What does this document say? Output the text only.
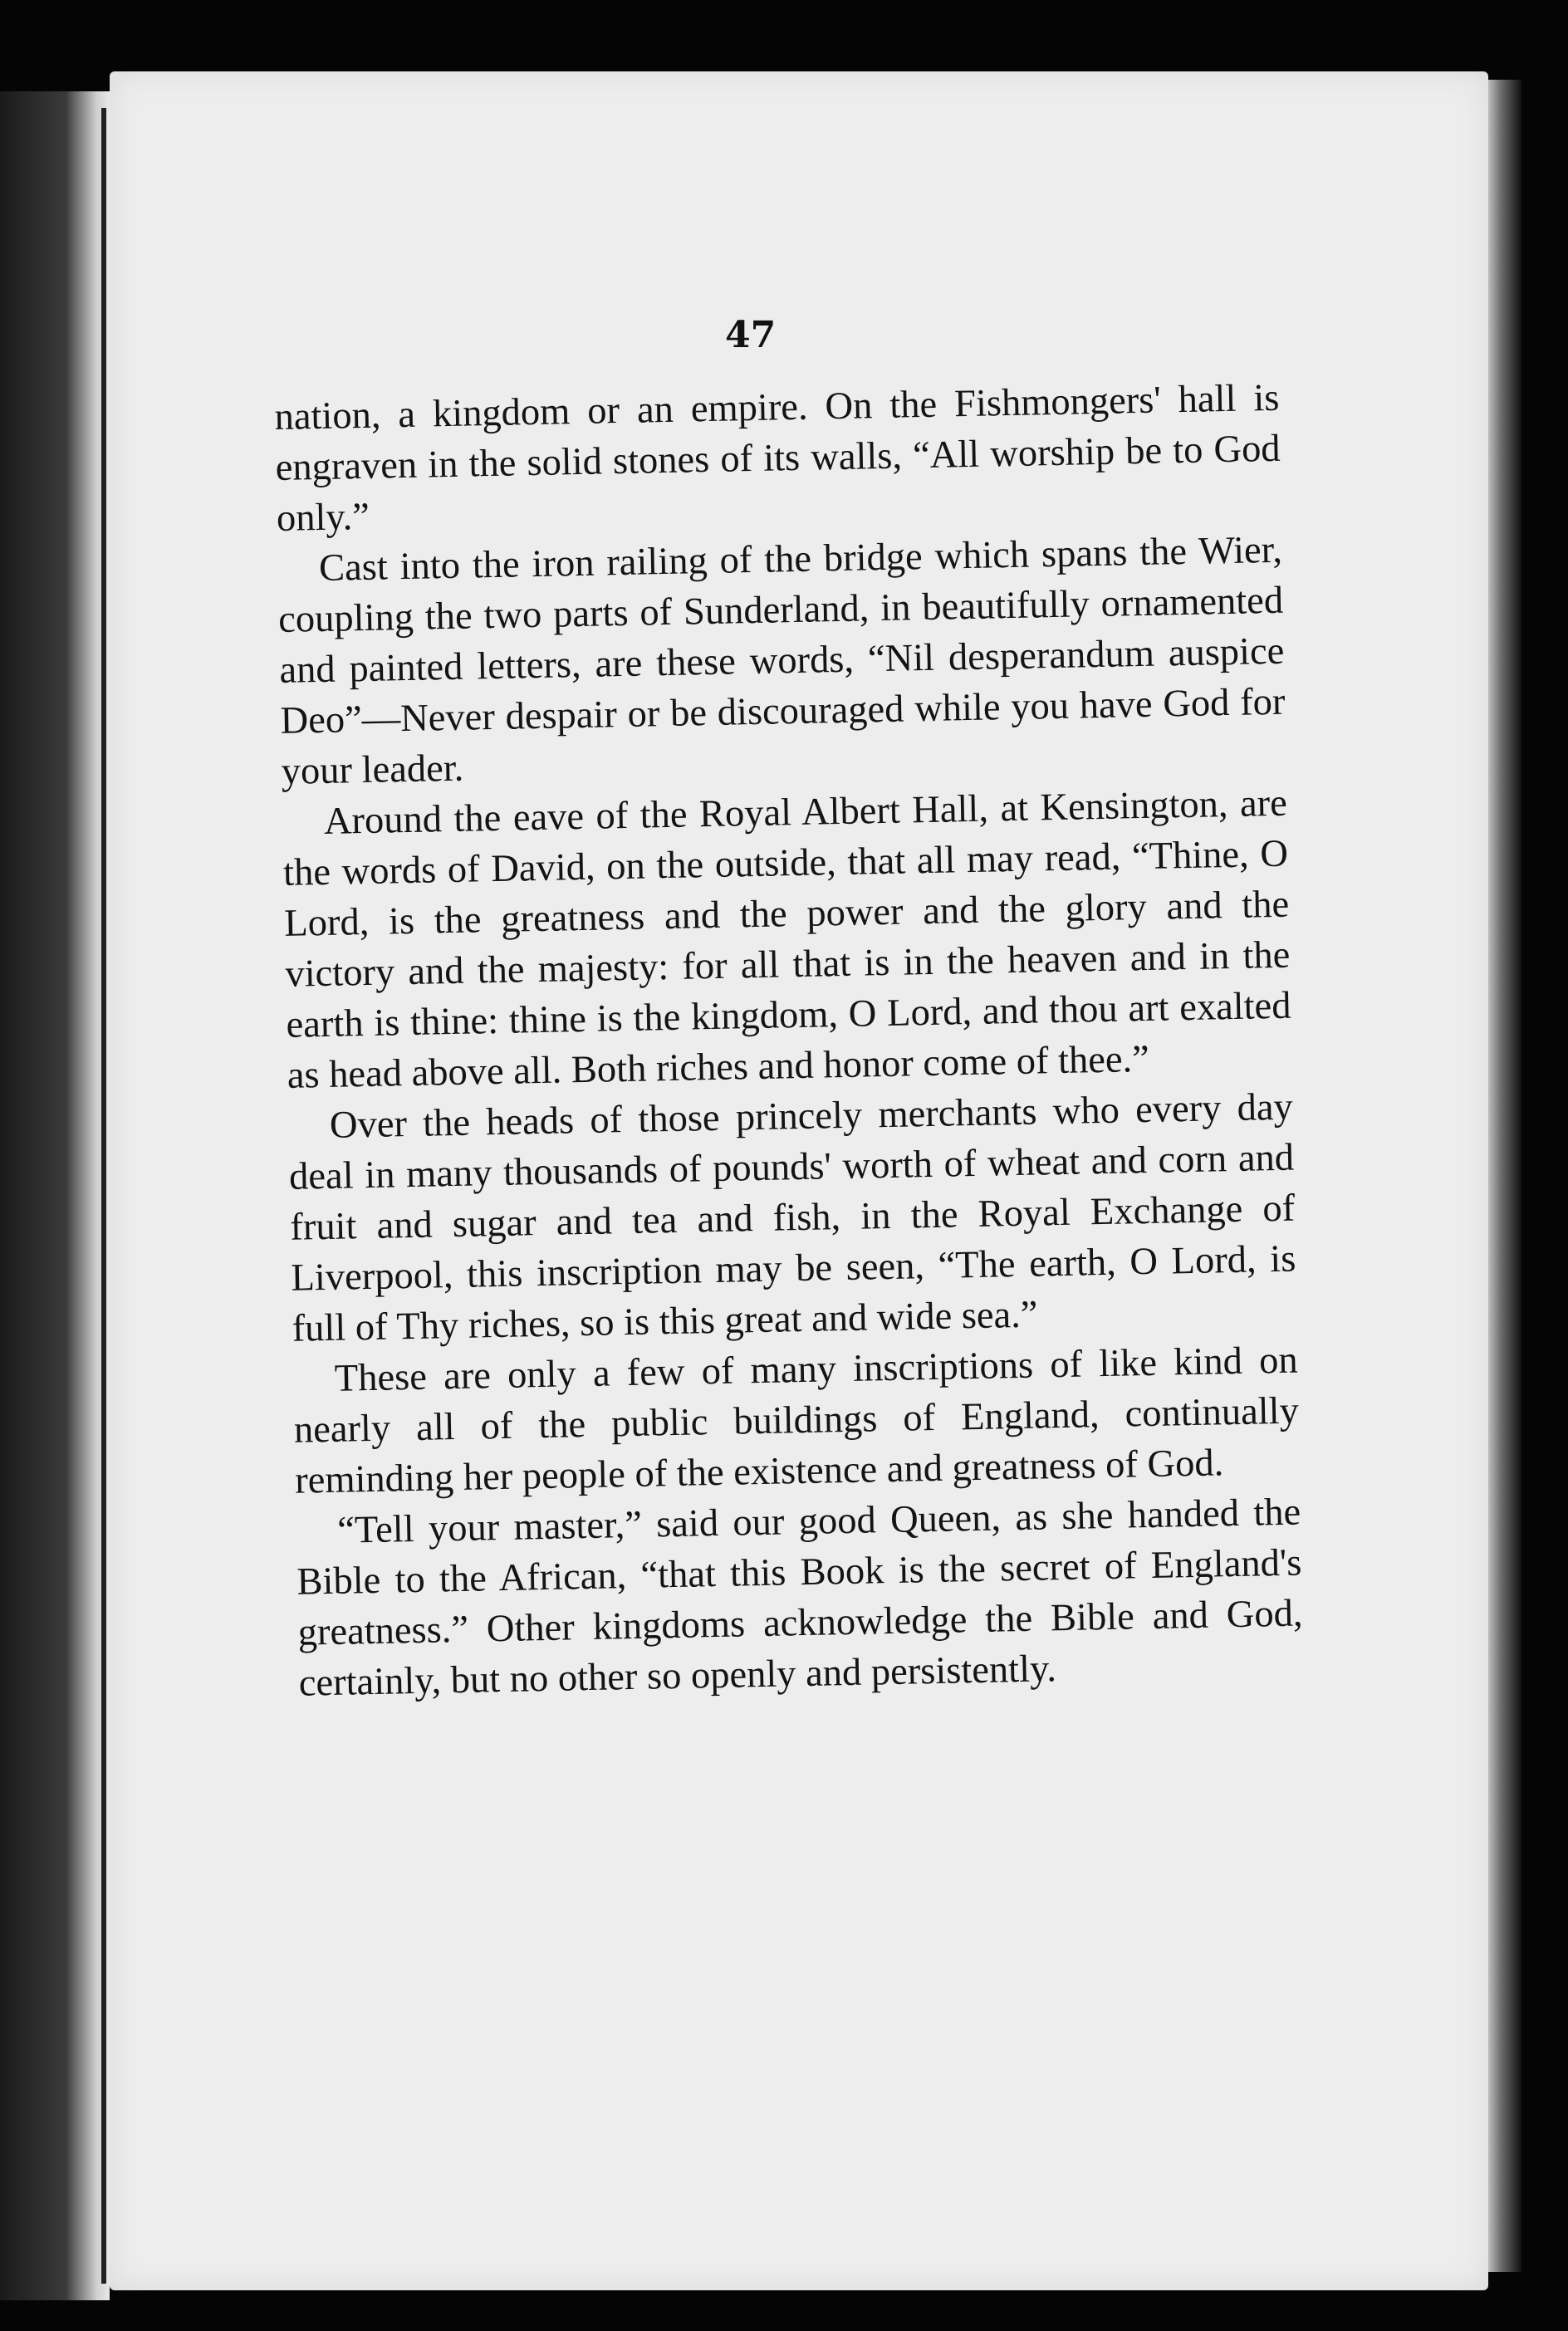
47

nation, a kingdom or an empire. On the Fishmongers' hall is engraven in the solid stones of its walls, “All worship be to God only.”

Cast into the iron railing of the bridge which spans the Wier, coupling the two parts of Sunderland, in beautifully ornamented and painted letters, are these words, “Nil desperandum auspice Deo”—Never despair or be discouraged while you have God for your leader.

Around the eave of the Royal Albert Hall, at Kensington, are the words of David, on the outside, that all may read, “Thine, O Lord, is the greatness and the power and the glory and the victory and the majesty: for all that is in the heaven and in the earth is thine: thine is the kingdom, O Lord, and thou art exalted as head above all. Both riches and honor come of thee.”

Over the heads of those princely merchants who every day deal in many thousands of pounds' worth of wheat and corn and fruit and sugar and tea and fish, in the Royal Exchange of Liverpool, this inscription may be seen, “The earth, O Lord, is full of Thy riches, so is this great and wide sea.”

These are only a few of many inscriptions of like kind on nearly all of the public buildings of England, continually reminding her people of the existence and greatness of God.

“Tell your master,” said our good Queen, as she handed the Bible to the African, “that this Book is the secret of England's greatness.” Other kingdoms acknowledge the Bible and God, certainly, but no other so openly and persistently.
